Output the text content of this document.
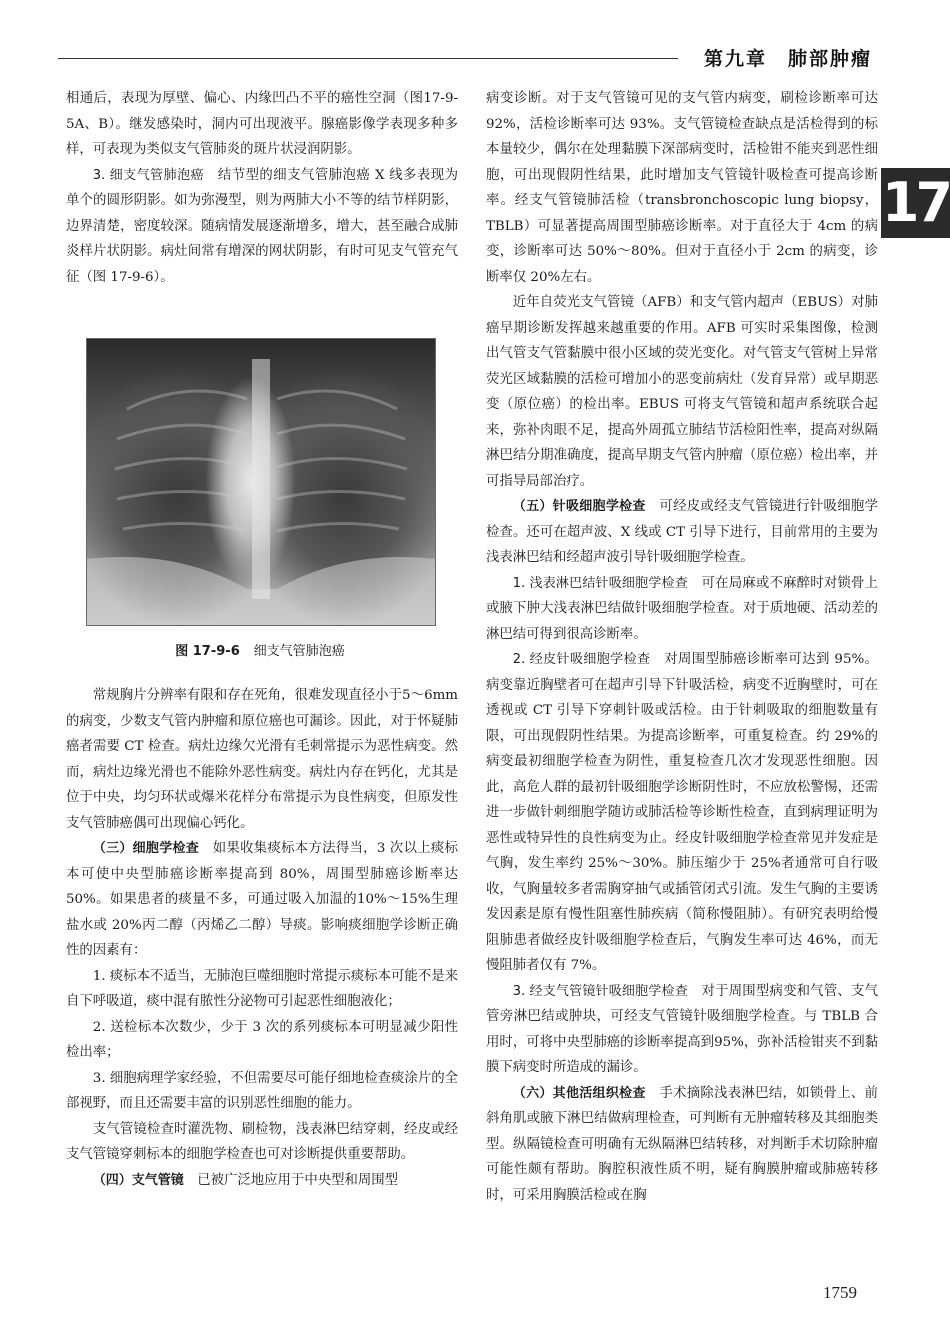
第九章　肺部肿瘤
17

相通后，表现为厚壁、偏心、内缘凹凸不平的癌性空洞（图17-9-5A、B）。继发感染时，洞内可出现液平。腺癌影像学表现多种多样，可表现为类似支气管肺炎的斑片状浸润阴影。

3. 细支气管肺泡癌　结节型的细支气管肺泡癌 X 线多表现为单个的圆形阴影。如为弥漫型，则为两肺大小不等的结节样阴影，边界清楚，密度较深。随病情发展逐渐增多，增大，甚至融合成肺炎样片状阴影。病灶间常有增深的网状阴影，有时可见支气管充气征（图 17-9-6）。

图 17-9-6 细支气管肺泡癌

常规胸片分辨率有限和存在死角，很难发现直径小于5～6mm 的病变，少数支气管内肿瘤和原位癌也可漏诊。因此，对于怀疑肺癌者需要 CT 检查。病灶边缘欠光滑有毛刺常提示为恶性病变。然而，病灶边缘光滑也不能除外恶性病变。病灶内存在钙化，尤其是位于中央，均匀环状或爆米花样分布常提示为良性病变，但原发性支气管肺癌偶可出现偏心钙化。

（三）细胞学检查　如果收集痰标本方法得当，3 次以上痰标本可使中央型肺癌诊断率提高到 80%，周围型肺癌诊断率达 50%。如果患者的痰量不多，可通过吸入加温的10%～15%生理盐水或 20%丙二醇（丙烯乙二醇）导痰。影响痰细胞学诊断正确性的因素有：

1. 痰标本不适当，无肺泡巨噬细胞时常提示痰标本可能不是来自下呼吸道，痰中混有脓性分泌物可引起恶性细胞液化；

2. 送检标本次数少，少于 3 次的系列痰标本可明显减少阳性检出率；

3. 细胞病理学家经验，不但需要尽可能仔细地检查痰涂片的全部视野，而且还需要丰富的识别恶性细胞的能力。

支气管镜检查时灌洗物、刷检物，浅表淋巴结穿刺，经皮或经支气管镜穿刺标本的细胞学检查也可对诊断提供重要帮助。

（四）支气管镜　已被广泛地应用于中央型和周围型

病变诊断。对于支气管镜可见的支气管内病变，刷检诊断率可达 92%，活检诊断率可达 93%。支气管镜检查缺点是活检得到的标本量较少，偶尔在处理黏膜下深部病变时，活检钳不能夹到恶性细胞，可出现假阴性结果，此时增加支气管镜针吸检查可提高诊断率。经支气管镜肺活检（transbronchoscopic lung biopsy，TBLB）可显著提高周围型肺癌诊断率。对于直径大于 4cm 的病变，诊断率可达 50%～80%。但对于直径小于 2cm 的病变，诊断率仅 20%左右。

近年自荧光支气管镜（AFB）和支气管内超声（EBUS）对肺癌早期诊断发挥越来越重要的作用。AFB 可实时采集图像，检测出气管支气管黏膜中很小区域的荧光变化。对气管支气管树上异常荧光区域黏膜的活检可增加小的恶变前病灶（发育异常）或早期恶变（原位癌）的检出率。EBUS 可将支气管镜和超声系统联合起来，弥补肉眼不足，提高外周孤立肺结节活检阳性率，提高对纵隔淋巴结分期准确度，提高早期支气管内肿瘤（原位癌）检出率，并可指导局部治疗。

（五）针吸细胞学检查　可经皮或经支气管镜进行针吸细胞学检查。还可在超声波、X 线或 CT 引导下进行，目前常用的主要为浅表淋巴结和经超声波引导针吸细胞学检查。

1. 浅表淋巴结针吸细胞学检查　可在局麻或不麻醉时对锁骨上或腋下肿大浅表淋巴结做针吸细胞学检查。对于质地硬、活动差的淋巴结可得到很高诊断率。

2. 经皮针吸细胞学检查　对周围型肺癌诊断率可达到 95%。病变靠近胸壁者可在超声引导下针吸活检，病变不近胸壁时，可在透视或 CT 引导下穿刺针吸或活检。由于针刺吸取的细胞数量有限，可出现假阴性结果。为提高诊断率，可重复检查。约 29%的病变最初细胞学检查为阴性，重复检查几次才发现恶性细胞。因此，高危人群的最初针吸细胞学诊断阴性时，不应放松警惕，还需进一步做针刺细胞学随访或肺活检等诊断性检查，直到病理证明为恶性或特异性的良性病变为止。经皮针吸细胞学检查常见并发症是气胸，发生率约 25%～30%。肺压缩少于 25%者通常可自行吸收，气胸量较多者需胸穿抽气或插管闭式引流。发生气胸的主要诱发因素是原有慢性阻塞性肺疾病（简称慢阻肺）。有研究表明给慢阻肺患者做经皮针吸细胞学检查后，气胸发生率可达 46%，而无慢阻肺者仅有 7%。

3. 经支气管镜针吸细胞学检查　对于周围型病变和气管、支气管旁淋巴结或肿块，可经支气管镜针吸细胞学检查。与 TBLB 合用时，可将中央型肺癌的诊断率提高到95%，弥补活检钳夹不到黏膜下病变时所造成的漏诊。

（六）其他活组织检查　手术摘除浅表淋巴结，如锁骨上、前斜角肌或腋下淋巴结做病理检查，可判断有无肿瘤转移及其细胞类型。纵隔镜检查可明确有无纵隔淋巴结转移，对判断手术切除肿瘤可能性颇有帮助。胸腔积液性质不明，疑有胸膜肿瘤或肺癌转移时，可采用胸膜活检或在胸

1759
